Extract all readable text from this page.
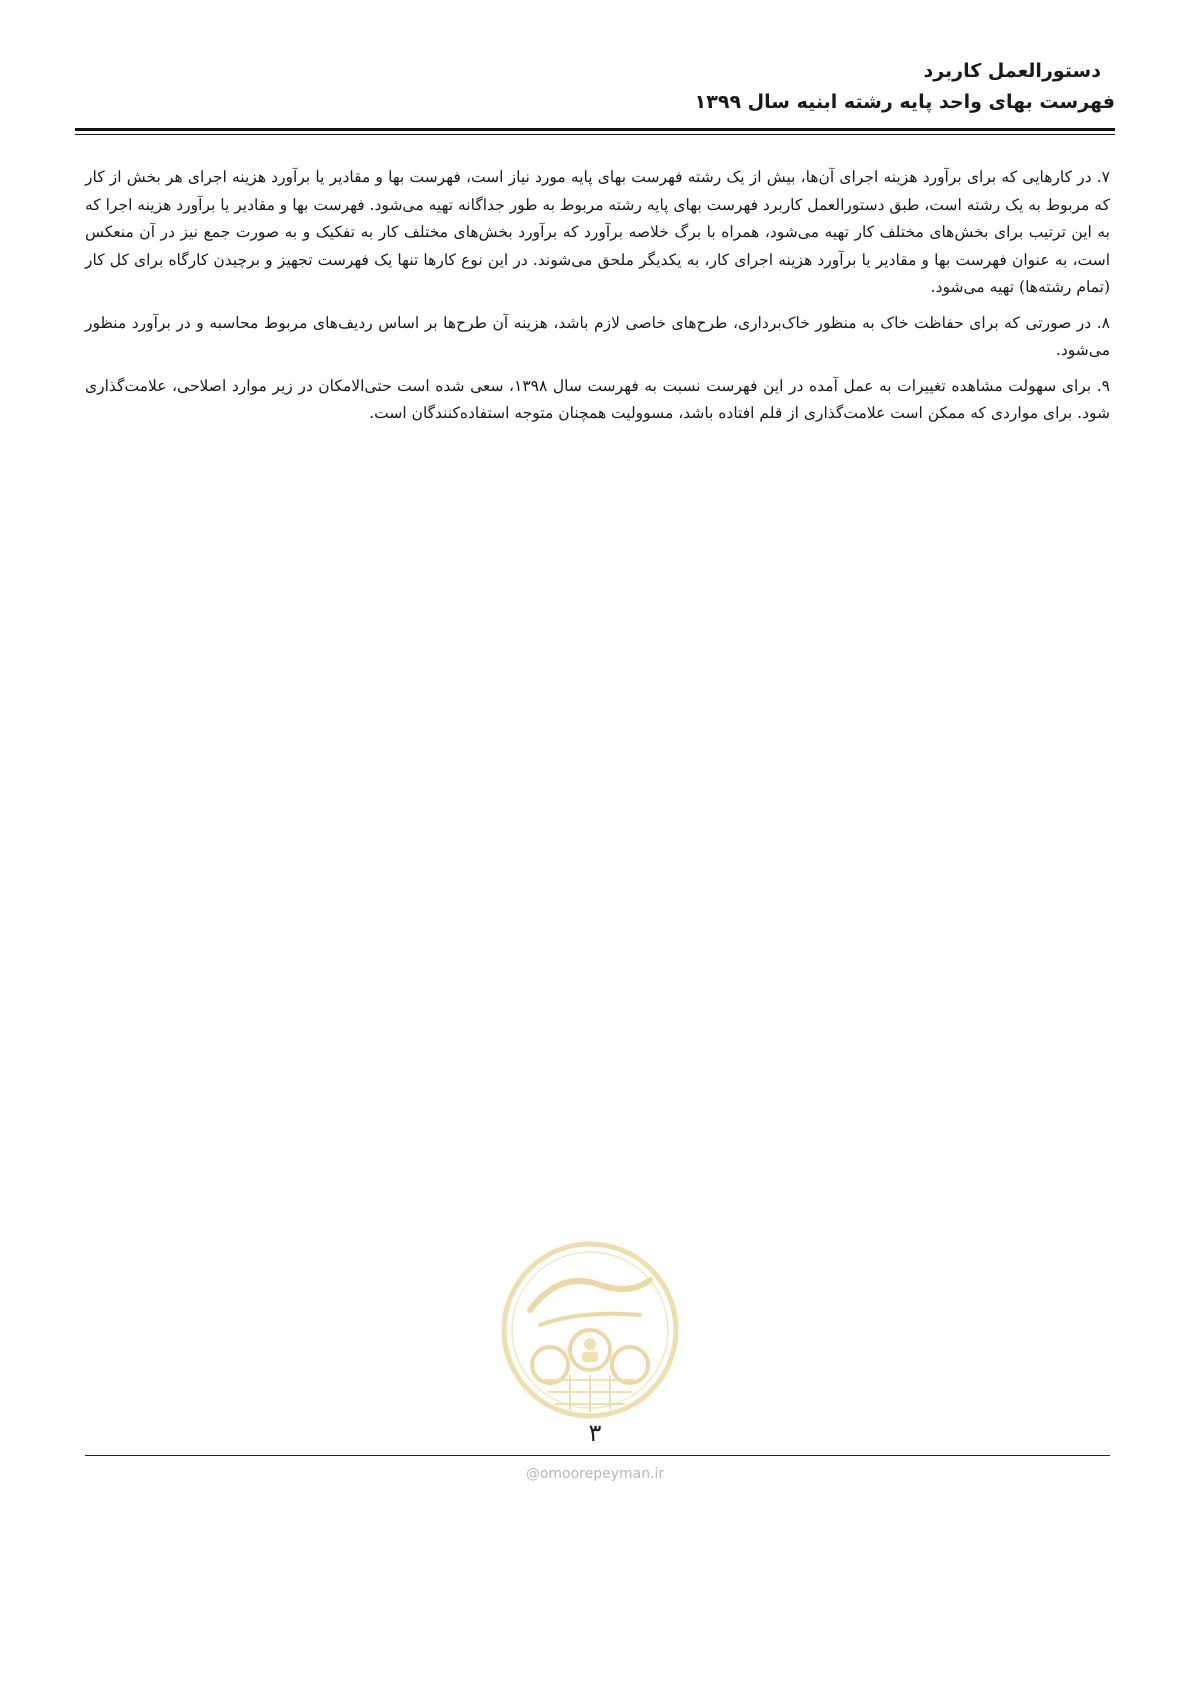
دستورالعمل کاربرد
فهرست بهای واحد پایه رشته ابنیه سال ۱۳۹۹

۷. در کارهایی که برای برآورد هزینه اجرای آن‌ها، بیش از یک رشته فهرست بهای پایه مورد نیاز است، فهرست بها و مقادیر یا برآورد هزینه اجرای هر بخش از کار که مربوط به یک رشته است، طبق دستورالعمل کاربرد فهرست بهای پایه رشته مربوط به طور جداگانه تهیه می‌شود. فهرست بها و مقادیر یا برآورد هزینه اجرا که به این ترتیب برای بخش‌های مختلف کار تهیه می‌شود، همراه با برگ خلاصه برآورد که برآورد بخش‌های مختلف کار به تفکیک و به صورت جمع نیز در آن منعکس است، به عنوان فهرست بها و مقادیر یا برآورد هزینه اجرای کار، به یکدیگر ملحق می‌شوند. در این نوع کارها تنها یک فهرست تجهیز و برچیدن کارگاه برای کل کار (تمام رشته‌ها) تهیه می‌شود.

۸. در صورتی که برای حفاظت خاک به منظور خاک‌برداری، طرح‌های خاصی لازم باشد، هزینه آن طرح‌ها بر اساس ردیف‌های مربوط محاسبه و در برآورد منظور می‌شود.

۹. برای سهولت مشاهده تغییرات به عمل آمده در این فهرست نسبت به فهرست سال ۱۳۹۸، سعی شده است حتی‌الامکان در زیر موارد اصلاحی، علامت‌گذاری شود. برای مواردی که ممکن است علامت‌گذاری از قلم افتاده باشد، مسوولیت همچنان متوجه استفاده‌کنندگان است.

۳
@omoorepeyman.ir
